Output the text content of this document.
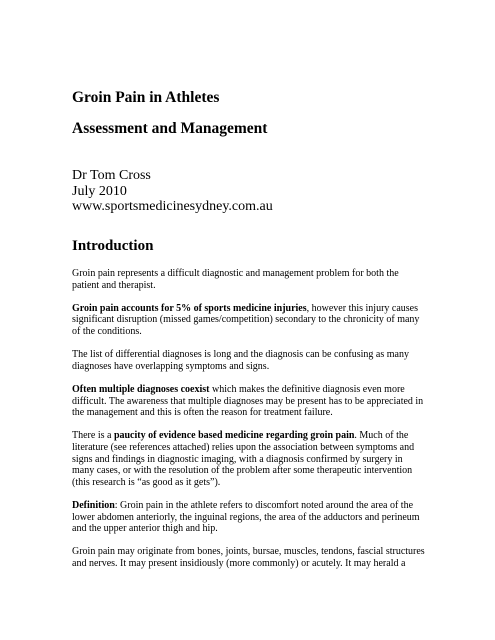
Groin Pain in Athletes
Assessment and Management
Dr Tom Cross
July 2010
www.sportsmedicinesydney.com.au
Introduction

Groin pain represents a difficult diagnostic and management problem for both the patient and therapist.

Groin pain accounts for 5% of sports medicine injuries, however this injury causes significant disruption (missed games/competition) secondary to the chronicity of many of the conditions.

The list of differential diagnoses is long and the diagnosis can be confusing as many diagnoses have overlapping symptoms and signs.

Often multiple diagnoses coexist which makes the definitive diagnosis even more difficult. The awareness that multiple diagnoses may be present has to be appreciated in the management and this is often the reason for treatment failure.

There is a paucity of evidence based medicine regarding groin pain. Much of the literature (see references attached) relies upon the association between symptoms and signs and findings in diagnostic imaging, with a diagnosis confirmed by surgery in many cases, or with the resolution of the problem after some therapeutic intervention (this research is “as good as it gets”).

Definition: Groin pain in the athlete refers to discomfort noted around the area of the lower abdomen anteriorly, the inguinal regions, the area of the adductors and perineum and the upper anterior thigh and hip.

Groin pain may originate from bones, joints, bursae, muscles, tendons, fascial structures and nerves. It may present insidiously (more commonly) or acutely. It may herald a
